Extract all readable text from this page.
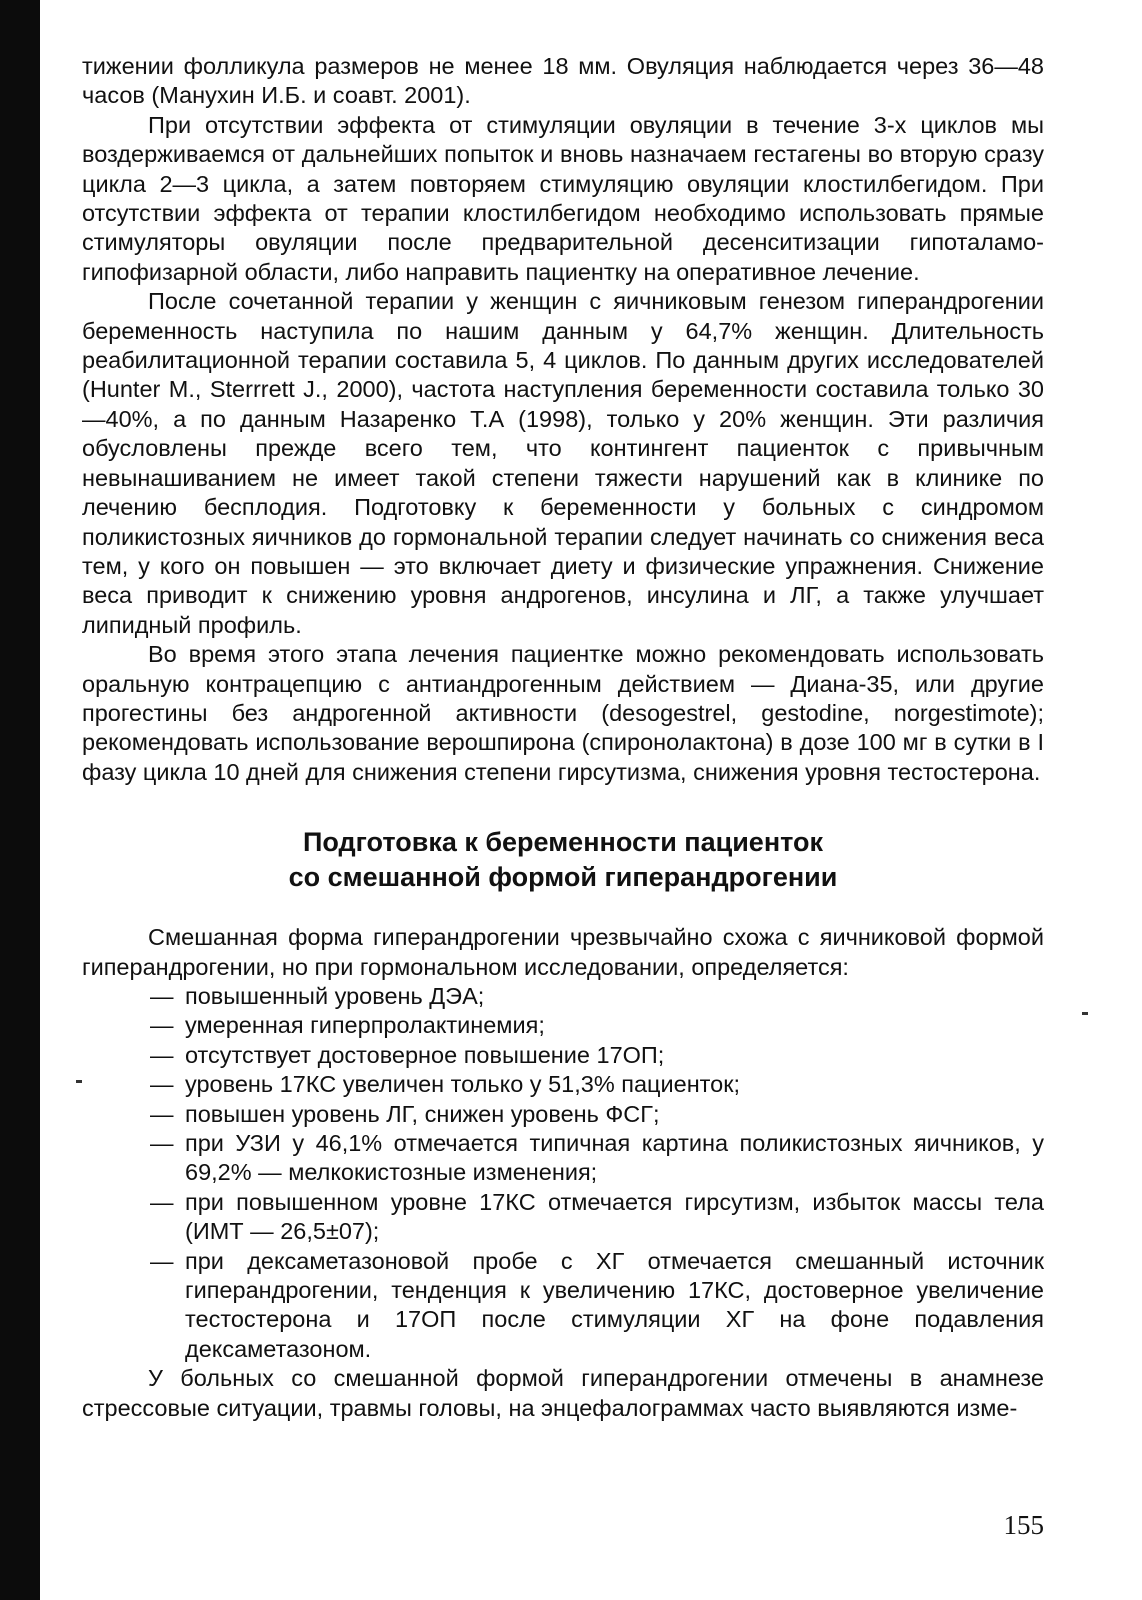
тижении фолликула размеров не менее 18 мм. Овуляция наблюдается через 36—48 часов (Манухин И.Б. и соавт. 2001).

При отсутствии эффекта от стимуляции овуляции в течение 3-х циклов мы воздерживаемся от дальнейших попыток и вновь назначаем гестагены во вторую сразу цикла 2—3 цикла, а затем повторяем стимуляцию овуляции клостилбегидом. При отсутствии эффекта от терапии клостилбегидом необходимо использовать прямые стимуляторы овуляции после предварительной десенситизации гипоталамо-гипофизарной области, либо направить пациентку на оперативное лечение.

После сочетанной терапии у женщин с яичниковым генезом гиперандрогении беременность наступила по нашим данным у 64,7% женщин. Длительность реабилитационной терапии составила 5, 4 циклов. По данным других исследователей (Hunter M., Sterrrett J., 2000), частота наступления беременности составила только 30—40%, а по данным Назаренко Т.А (1998), только у 20% женщин. Эти различия обусловлены прежде всего тем, что контингент пациенток с привычным невынашиванием не имеет такой степени тяжести нарушений как в клинике по лечению бесплодия. Подготовку к беременности у больных с синдромом поликистозных яичников до гормональной терапии следует начинать со снижения веса тем, у кого он повышен — это включает диету и физические упражнения. Снижение веса приводит к снижению уровня андрогенов, инсулина и ЛГ, а также улучшает липидный профиль.

Во время этого этапа лечения пациентке можно рекомендовать использовать оральную контрацепцию с антиандрогенным действием — Диана-35, или другие прогестины без андрогенной активности (desogestrel, gestodine, norgestimote); рекомендовать использование верошпирона (спиронолактона) в дозе 100 мг в сутки в I фазу цикла 10 дней для снижения степени гирсутизма, снижения уровня тестостерона.

Подготовка к беременности пациенток
со смешанной формой гиперандрогении

Смешанная форма гиперандрогении чрезвычайно схожа с яичниковой формой гиперандрогении, но при гормональном исследовании, определяется:

— повышенный уровень ДЭА;
— умеренная гиперпролактинемия;
— отсутствует достоверное повышение 17ОП;
— уровень 17КС увеличен только у 51,3% пациенток;
— повышен уровень ЛГ, снижен уровень ФСГ;
— при УЗИ у 46,1% отмечается типичная картина поликистозных яичников, у 69,2% — мелкокистозные изменения;
— при повышенном уровне 17КС отмечается гирсутизм, избыток массы тела (ИМТ — 26,5±07);
— при дексаметазоновой пробе с ХГ отмечается смешанный источник гиперандрогении, тенденция к увеличению 17КС, достоверное увеличение тестостерона и 17ОП после стимуляции ХГ на фоне подавления дексаметазоном.

У больных со смешанной формой гиперандрогении отмечены в анамнезе стрессовые ситуации, травмы головы, на энцефалограммах часто выявляются изме-

155
